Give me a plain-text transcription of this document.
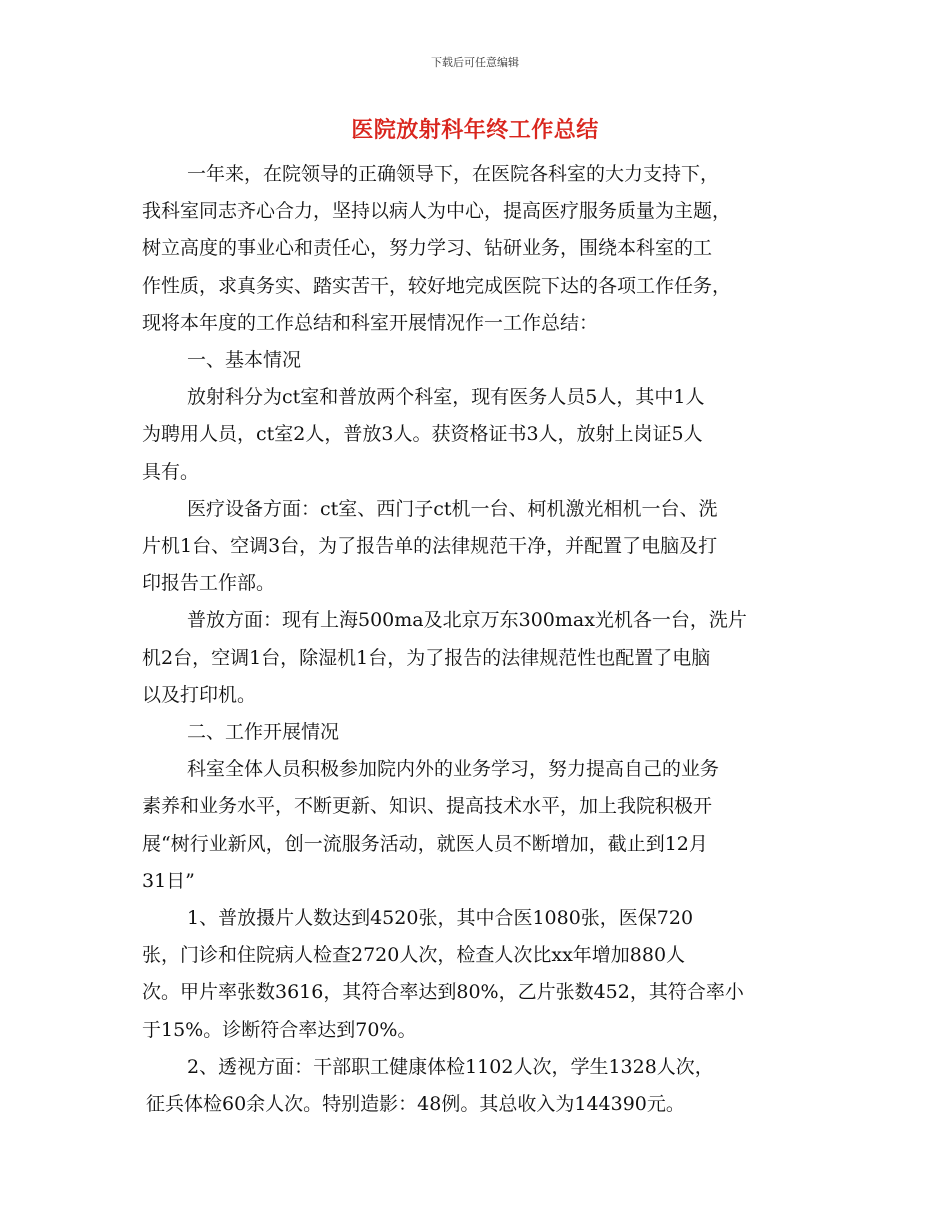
下载后可任意编辑
医院放射科年终工作总结
一年来，在院领导的正确领导下，在医院各科室的大力支持下，
我科室同志齐心合力，坚持以病人为中心，提高医疗服务质量为主题，
树立高度的事业心和责任心，努力学习、钻研业务，围绕本科室的工
作性质，求真务实、踏实苦干，较好地完成医院下达的各项工作任务，
现将本年度的工作总结和科室开展情况作一工作总结：
一、基本情况
放射科分为ct室和普放两个科室，现有医务人员5人，其中1人
为聘用人员，ct室2人，普放3人。获资格证书3人，放射上岗证5人
具有。
医疗设备方面：ct室、西门子ct机一台、柯机激光相机一台、洗
片机1台、空调3台，为了报告单的法律规范干净，并配置了电脑及打
印报告工作部。
普放方面：现有上海500ma及北京万东300max光机各一台，洗片
机2台，空调1台，除湿机1台，为了报告的法律规范性也配置了电脑
以及打印机。
二、工作开展情况
科室全体人员积极参加院内外的业务学习，努力提高自己的业务
素养和业务水平，不断更新、知识、提高技术水平，加上我院积极开
展“树行业新风，创一流服务活动，就医人员不断增加，截止到12月
31日”
1、普放摄片人数达到4520张，其中合医1080张，医保720
张，门诊和住院病人检查2720人次，检查人次比xx年增加880人
次。甲片率张数3616，其符合率达到80%，乙片张数452，其符合率小
于15%。诊断符合率达到70%。
2、透视方面：干部职工健康体检1102人次，学生1328人次，
征兵体检60余人次。特别造影：48例。其总收入为144390元。
